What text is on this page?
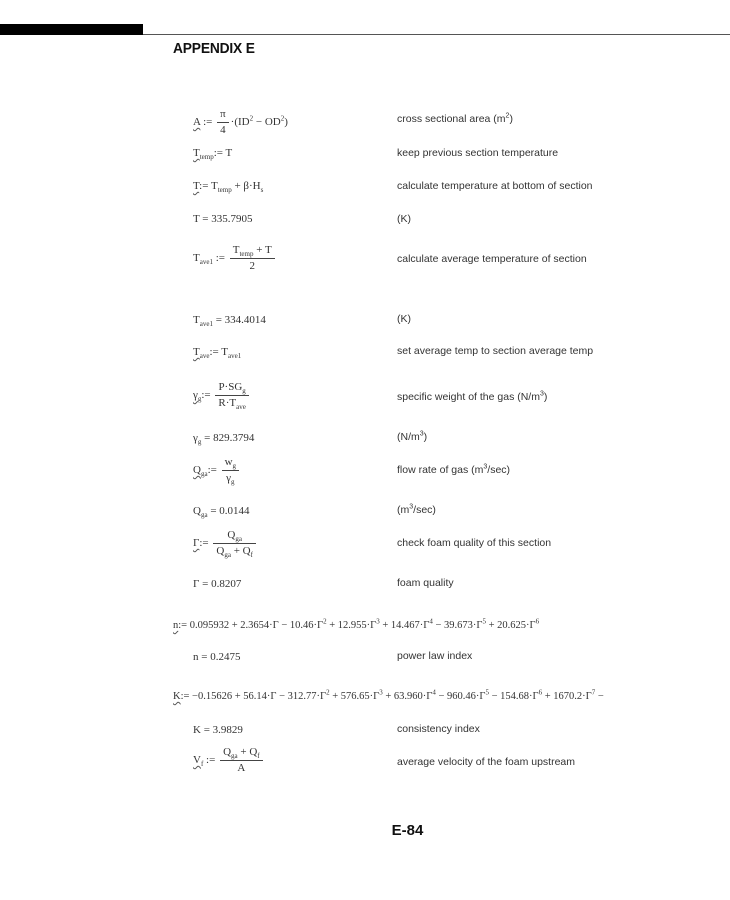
APPENDIX E
A := $\frac{\pi}{4} \cdot(ID^2 - OD^2)$	cross sectional area $(m^2)$
$T_{temp}:= T$	keep previous section temperature
T:= $T_{temp} + \beta\cdot H_s$	calculate temperature at bottom of section
T = 335.7905	(K)
$T_{ave1}$ := $\frac{T_{temp} + T}{2}$	calculate average temperature of section
$T_{ave1} = 334.4014$	(K)
$T_{ave}:= T_{ave1}$	set average temp to section average temp
$\gamma_g:= \frac{P\cdot SG_g}{R\cdot T_{ave}}$	specific weight of the gas $(N/m^3)$
$\gamma_g = 829.3794$	$(N/m^3)$
$Q_{ga}:= \frac{w_g}{\gamma_g}$	flow rate of gas $(m^3/\sec)$
$Q_{ga} = 0.0144$	$(m^3/\sec)$
Γ:= $\frac{Q_{ga}}{Q_{ga} + Q_f}$	check foam quality of this section
Γ = 0.8207	foam quality
n:= $0.095932 + 2.3654\cdot\Gamma - 10.46\cdot\Gamma^2 + 12.955\cdot\Gamma^3 + 14.467\cdot\Gamma^4 - 39.673\cdot\Gamma^5 + 20.625\cdot\Gamma^6$
n = 0.2475	power law index
K:= $-0.15626 + 56.14\cdot\Gamma - 312.77\cdot\Gamma^2 + 576.65\cdot\Gamma^3 + 63.960\cdot\Gamma^4 - 960.46\cdot\Gamma^5 - 154.68\cdot\Gamma^6 + 1670.2\cdot\Gamma^7$ −
K = 3.9829	consistency index
$V_f$ := $\frac{Q_{ga} + Q_f}{A}$	average velocity of the foam upstream
E-84
